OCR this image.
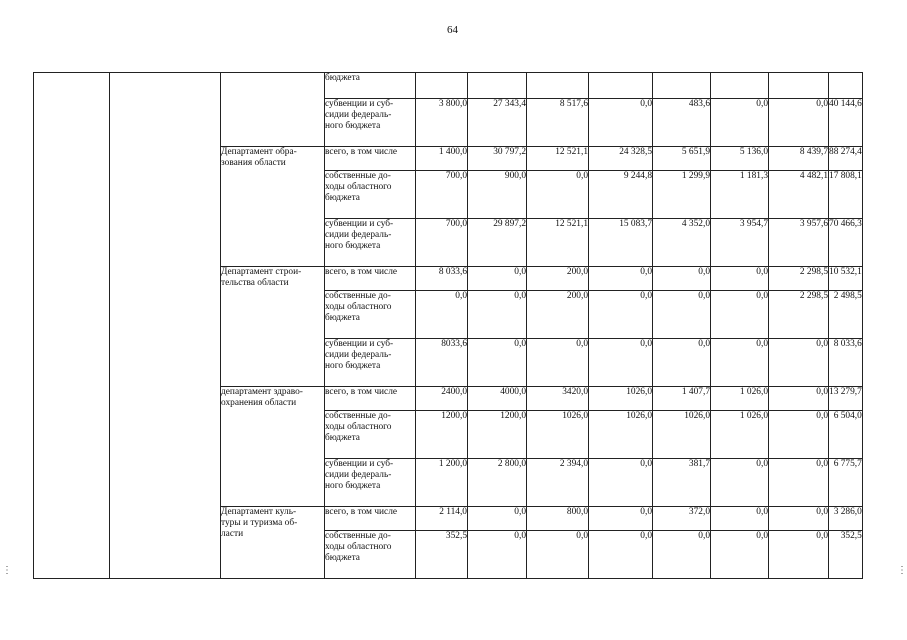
64
			бюджета								
			субвенции и суб-
сидии федераль-
ного бюджета	3 800,0	27 343,4	8 517,6	0,0	483,6	0,0	0,0	40 144,6
		Департамент обра-
зования области	всего, в том числе	1 400,0	30 797,2	12 521,1	24 328,5	5 651,9	5 136,0	8 439,7	88 274,4
			собственные до-
ходы областного
бюджета	700,0	900,0	0,0	9 244,8	1 299,9	1 181,3	4 482,1	17 808,1
			субвенции и суб-
сидии федераль-
ного бюджета	700,0	29 897,2	12 521,1	15 083,7	4 352,0	3 954,7	3 957,6	70 466,3
		Департамент строи-
тельства области	всего, в том числе	8 033,6	0,0	200,0	0,0	0,0	0,0	2 298,5	10 532,1
			собственные до-
ходы областного
бюджета	0,0	0,0	200,0	0,0	0,0	0,0	2 298,5	2 498,5
			субвенции и суб-
сидии федераль-
ного бюджета	8033,6	0,0	0,0	0,0	0,0	0,0	0,0	8 033,6
		департамент здраво-
охранения области	всего, в том числе	2400,0	4000,0	3420,0	1026,0	1 407,7	1 026,0	0,0	13 279,7
			собственные до-
ходы областного
бюджета	1200,0	1200,0	1026,0	1026,0	1026,0	1 026,0	0,0	6 504,0
			субвенции и суб-
сидии федераль-
ного бюджета	1 200,0	2 800,0	2 394,0	0,0	381,7	0,0	0,0	6 775,7
		Департамент куль-
туры и туризма об-
ласти	всего, в том числе	2 114,0	0,0	800,0	0,0	372,0	0,0	0,0	3 286,0
			собственные до-
ходы областного
бюджета	352,5	0,0	0,0	0,0	0,0	0,0	0,0	352,5
⋮	⋮
